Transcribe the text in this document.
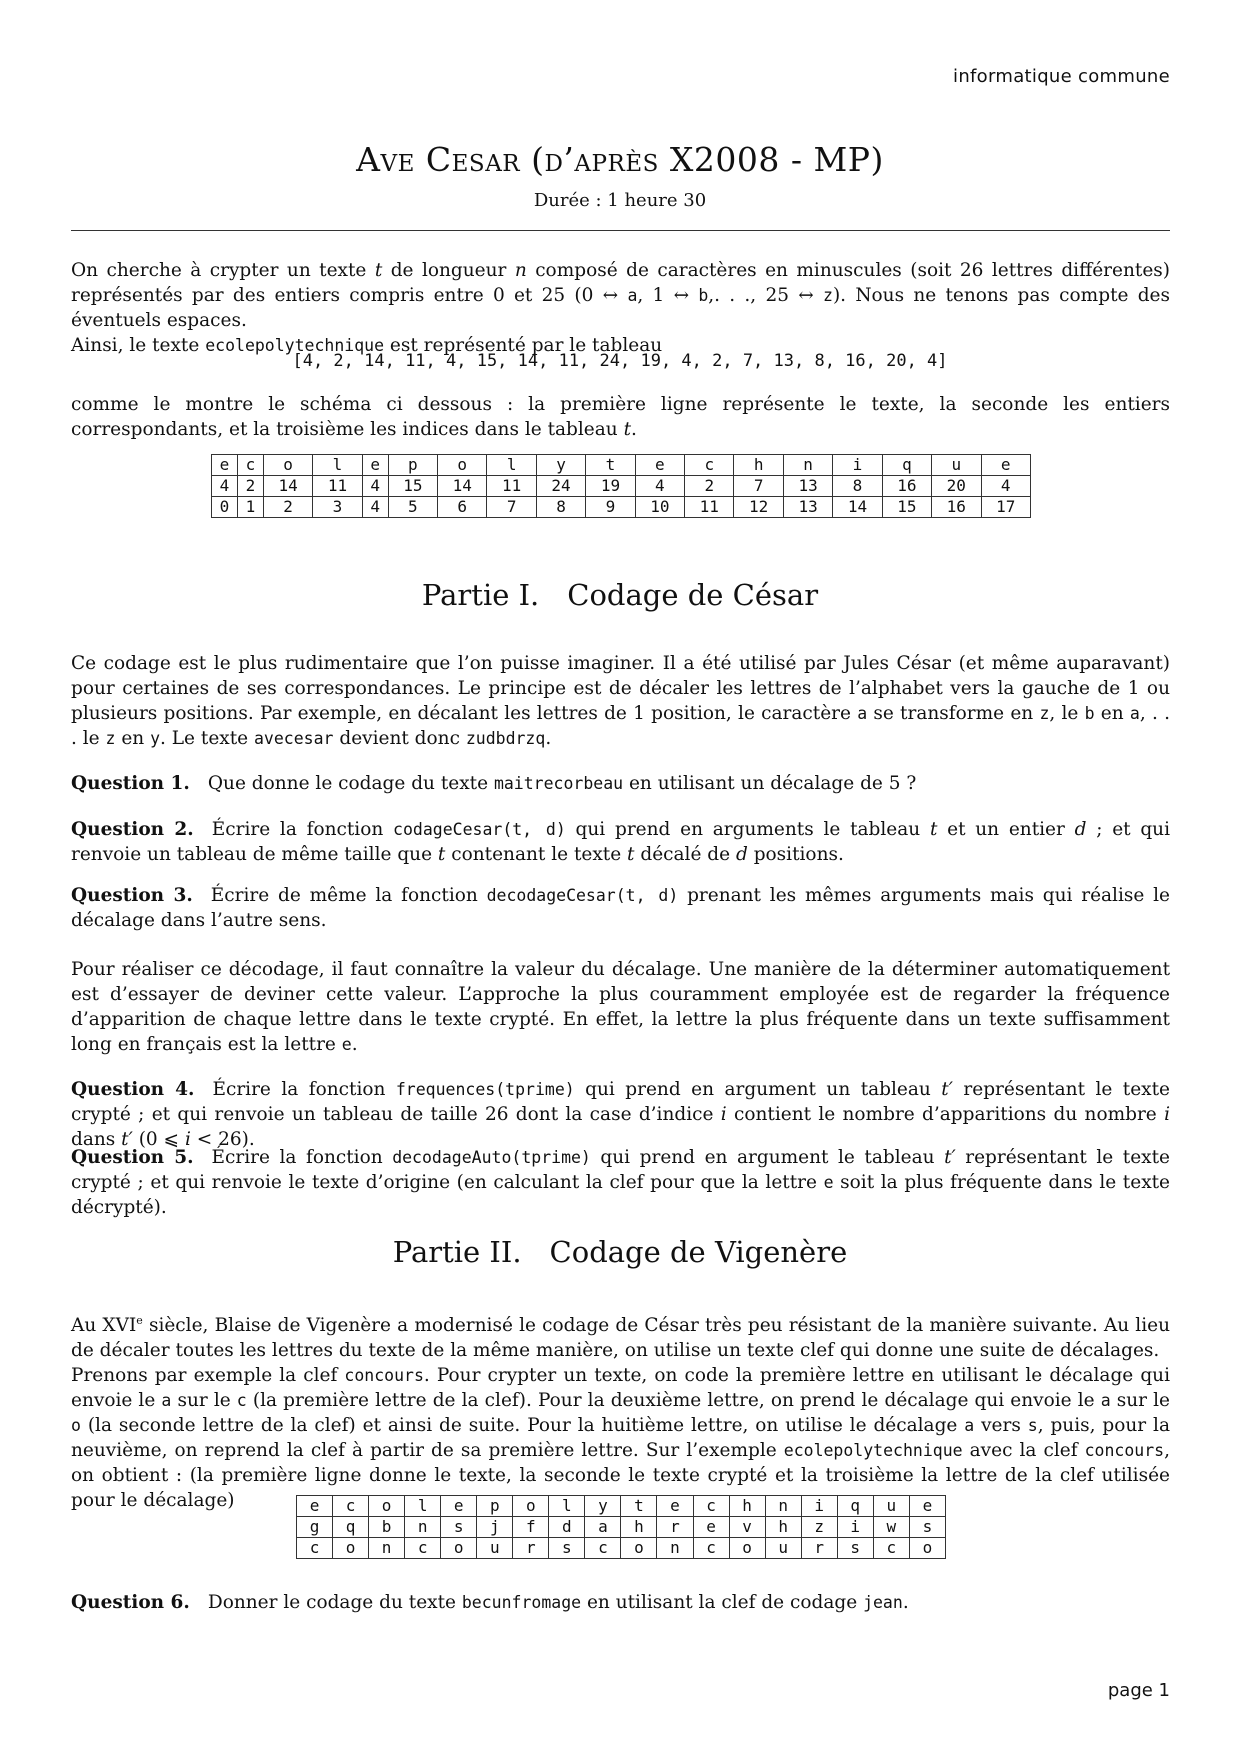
informatique commune
Ave Cesar (d’après X2008 - MP)
Durée : 1 heure 30

On cherche à crypter un texte t de longueur n composé de caractères en minuscules (soit 26 lettres différentes) représentés par des entiers compris entre 0 et 25 (0 ↔ a, 1 ↔ b,. . ., 25 ↔ z). Nous ne tenons pas compte des éventuels espaces.
Ainsi, le texte ecolepolytechnique est représenté par le tableau

[4, 2, 14, 11, 4, 15, 14, 11, 24, 19, 4, 2, 7, 13, 8, 16, 20, 4]

comme le montre le schéma ci dessous : la première ligne représente le texte, la seconde les entiers correspondants, et la troisième les indices dans le tableau t.

e	c	o	l	e	p	o	l	y	t	e	c	h	n	i	q	u	e
4	2	14	11	4	15	14	11	24	19	4	2	7	13	8	16	20	4
0	1	2	3	4	5	6	7	8	9	10	11	12	13	14	15	16	17
Partie I. Codage de César

Ce codage est le plus rudimentaire que l’on puisse imaginer. Il a été utilisé par Jules César (et même auparavant) pour certaines de ses correspondances. Le principe est de décaler les lettres de l’alphabet vers la gauche de 1 ou plusieurs positions. Par exemple, en décalant les lettres de 1 position, le caractère a se transforme en z, le b en a, . . . le z en y. Le texte avecesar devient donc zudbdrzq.

Question 1. Que donne le codage du texte maitrecorbeau en utilisant un décalage de 5 ?

Question 2. Écrire la fonction codageCesar(t, d) qui prend en arguments le tableau t et un entier d ; et qui renvoie un tableau de même taille que t contenant le texte t décalé de d positions.

Question 3. Écrire de même la fonction decodageCesar(t, d) prenant les mêmes arguments mais qui réalise le décalage dans l’autre sens.

Pour réaliser ce décodage, il faut connaître la valeur du décalage. Une manière de la déterminer automatiquement est d’essayer de deviner cette valeur. L’approche la plus couramment employée est de regarder la fréquence d’apparition de chaque lettre dans le texte crypté. En effet, la lettre la plus fréquente dans un texte suffisamment long en français est la lettre e.

Question 4. Écrire la fonction frequences(tprime) qui prend en argument un tableau t′ représentant le texte crypté ; et qui renvoie un tableau de taille 26 dont la case d’indice i contient le nombre d’apparitions du nombre i dans t′ (0 ⩽ i < 26).

Question 5. Écrire la fonction decodageAuto(tprime) qui prend en argument le tableau t′ représentant le texte crypté ; et qui renvoie le texte d’origine (en calculant la clef pour que la lettre e soit la plus fréquente dans le texte décrypté).

Partie II. Codage de Vigenère

Au XVIe siècle, Blaise de Vigenère a modernisé le codage de César très peu résistant de la manière suivante. Au lieu de décaler toutes les lettres du texte de la même manière, on utilise un texte clef qui donne une suite de décalages.
Prenons par exemple la clef concours. Pour crypter un texte, on code la première lettre en utilisant le décalage qui envoie le a sur le c (la première lettre de la clef). Pour la deuxième lettre, on prend le décalage qui envoie le a sur le o (la seconde lettre de la clef) et ainsi de suite. Pour la huitième lettre, on utilise le décalage a vers s, puis, pour la neuvième, on reprend la clef à partir de sa première lettre. Sur l’exemple ecolepolytechnique avec la clef concours, on obtient : (la première ligne donne le texte, la seconde le texte crypté et la troisième la lettre de la clef utilisée pour le décalage)	e	c	o	l	e	p	o	l	y	t	e	c	h	n	i	q	u	e
g	q	b	n	s	j	f	d	a	h	r	e	v	h	z	i	w	s
c	o	n	c	o	u	r	s	c	o	n	c	o	u	r	s	c	o

Question 6. Donner le codage du texte becunfromage en utilisant la clef de codage jean.

page 1
